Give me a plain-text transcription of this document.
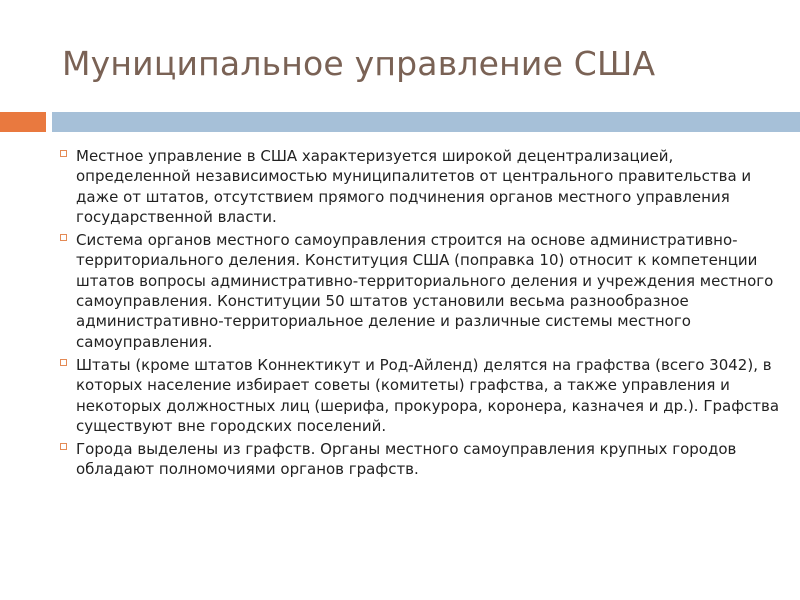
Муниципальное управление США
Местное управление в США характеризуется широкой децентрализацией, определенной независимостью муниципалитетов от центрального правительства и даже от штатов, отсутствием прямого подчинения органов местного управления государственной власти.
Система органов местного самоуправления строится на основе административно-территориального деления. Конституция США (поправка 10) относит к компетенции штатов вопросы административно-территориального деления и учреждения местного самоуправления. Конституции 50 штатов установили весьма разнообразное административно-территориальное деление и различные системы местного самоуправления.
Штаты (кроме штатов Коннектикут и Род-Айленд) делятся на графства (всего 3042), в которых население избирает советы (комитеты) графства, а также управления и некоторых должностных лиц (шерифа, прокурора, коронера, казначея и др.). Графства существуют вне городских поселений.
Города выделены из графств. Органы местного самоуправления крупных городов обладают полномочиями органов графств.
